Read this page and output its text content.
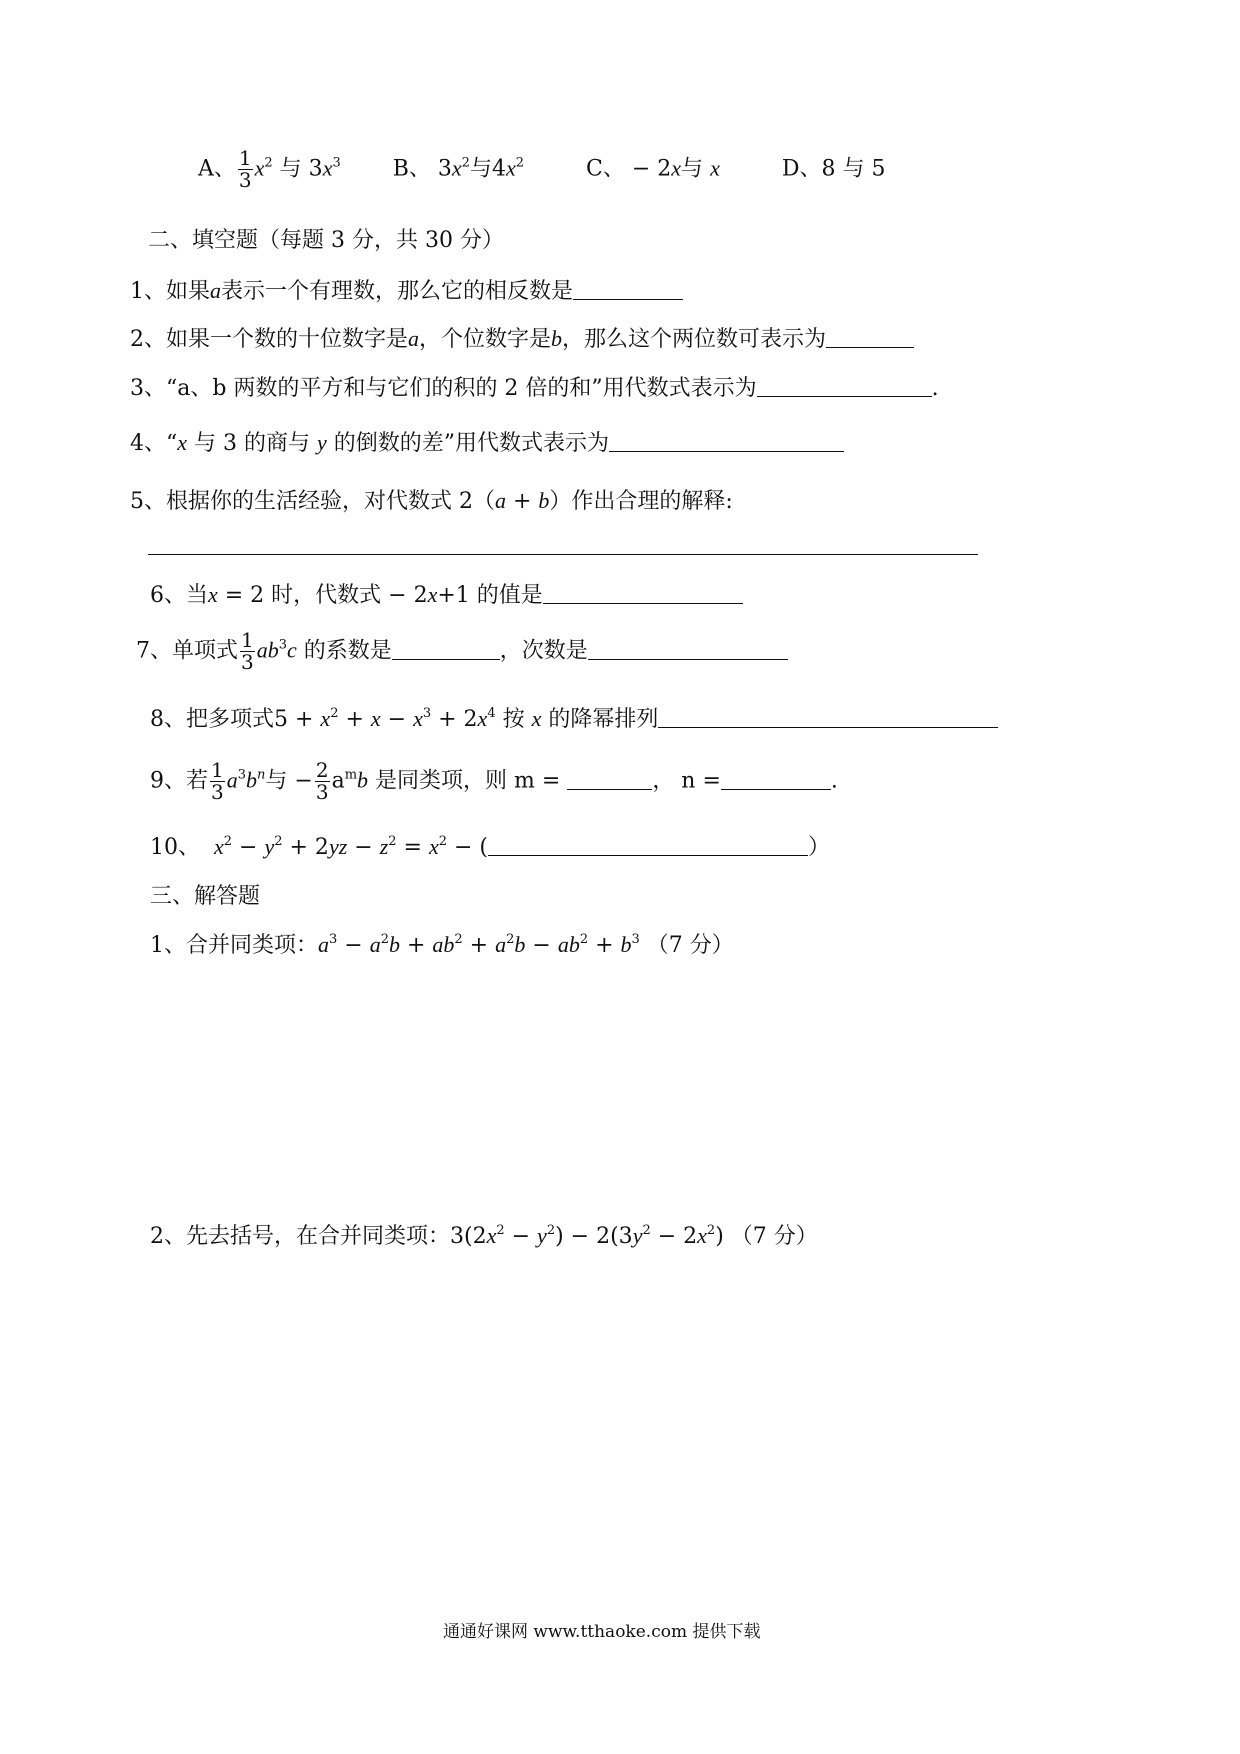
A、 $\frac{1}{3} x^2$ 与 $3x^3$ B、 $3x^2$与$4x^2$	C、 − 2x与 x	D、8 与 5
二、填空题（每题 3 分，共 30 分）
1、如果a表示一个有理数，那么它的相反数是
2、如果一个数的十位数字是a，个位数字是b，那么这个两位数可表示为
3、“a、b 两数的平方和与它们的积的 2 倍的和”用代数式表示为	.
4、“x 与 3 的商与 y 的倒数的差”用代数式表示为
5、根据你的生活经验，对代数式 2（a + b）作出合理的解释:
6、当x = 2 时，代数式 − 2x+1 的值是
7、单项式 $\frac{1}{3} ab^3c$ 的系数是	，次数是
8、把多项式$5 + x^2 + x - x^3 + 2x^4$ 按 x 的降幂排列
9、若 $\frac{1}{3} a^3b^n$与 − $\frac{2}{3} a^mb$ 是同类项，则 m =	， n =	.
10、 $x^2 - y^2 + 2yz - z^2 = x^2$ − (	）
三、解答题
1、合并同类项：$a^3 - a^2b + ab^2 + a^2b - ab^2 + b^3$ （7 分）
2、先去括号，在合并同类项：$3(2x^2 - y^2) - 2(3y^2 - 2x^2)$ （7 分）
通通好课网 www.tthaoke.com 提供下载
